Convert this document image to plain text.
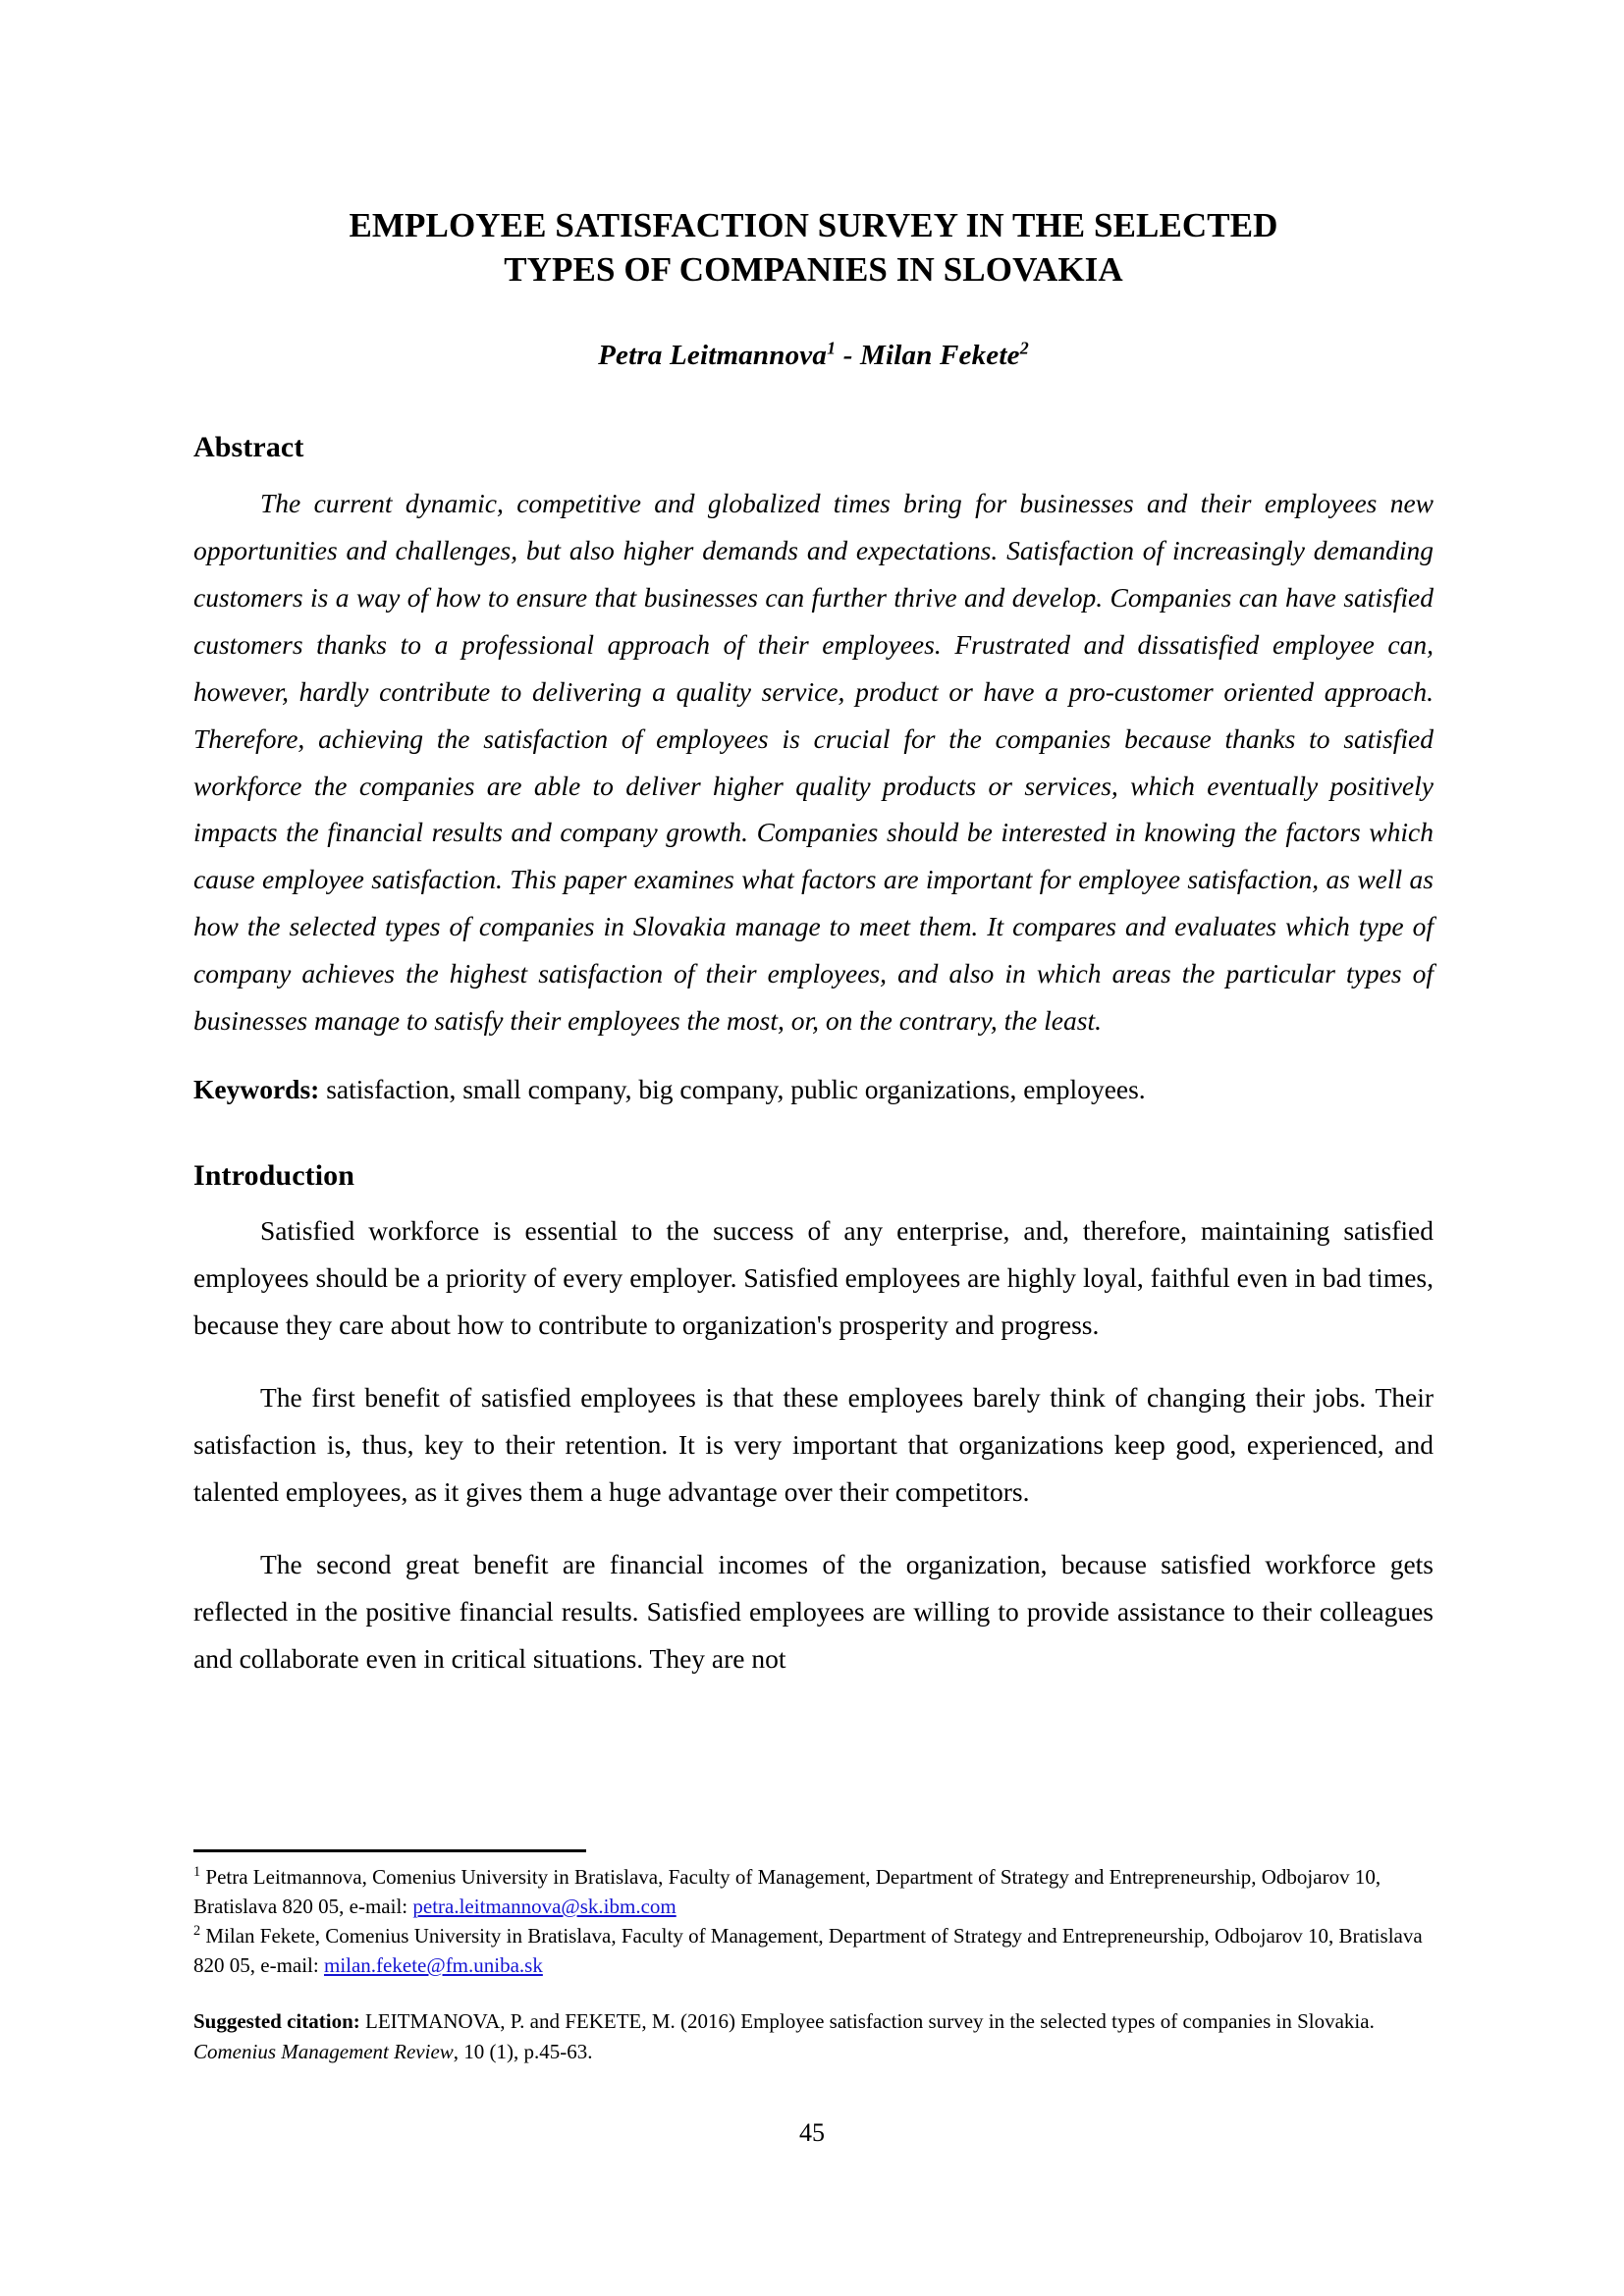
EMPLOYEE SATISFACTION SURVEY IN THE SELECTED
TYPES OF COMPANIES IN SLOVAKIA

Petra Leitmannova$^1$ - Milan Fekete$^2$

Abstract

The current dynamic, competitive and globalized times bring for businesses and their employees new opportunities and challenges, but also higher demands and expectations. Satisfaction of increasingly demanding customers is a way of how to ensure that businesses can further thrive and develop. Companies can have satisfied customers thanks to a professional approach of their employees. Frustrated and dissatisfied employee can, however, hardly contribute to delivering a quality service, product or have a pro-customer oriented approach. Therefore, achieving the satisfaction of employees is crucial for the companies because thanks to satisfied workforce the companies are able to deliver higher quality products or services, which eventually positively impacts the financial results and company growth. Companies should be interested in knowing the factors which cause employee satisfaction. This paper examines what factors are important for employee satisfaction, as well as how the selected types of companies in Slovakia manage to meet them. It compares and evaluates which type of company achieves the highest satisfaction of their employees, and also in which areas the particular types of businesses manage to satisfy their employees the most, or, on the contrary, the least.

Keywords: satisfaction, small company, big company, public organizations, employees.

Introduction

Satisfied workforce is essential to the success of any enterprise, and, therefore, maintaining satisfied employees should be a priority of every employer. Satisfied employees are highly loyal, faithful even in bad times, because they care about how to contribute to organization's prosperity and progress.

The first benefit of satisfied employees is that these employees barely think of changing their jobs. Their satisfaction is, thus, key to their retention. It is very important that organizations keep good, experienced, and talented employees, as it gives them a huge advantage over their competitors.

The second great benefit are financial incomes of the organization, because satisfied workforce gets reflected in the positive financial results. Satisfied employees are willing to provide assistance to their colleagues and collaborate even in critical situations. They are not

$^1$ Petra Leitmannova, Comenius University in Bratislava, Faculty of Management, Department of Strategy and Entrepreneurship, Odbojarov 10, Bratislava 820 05, e-mail: petra.leitmannova@sk.ibm.com

$^2$ Milan Fekete, Comenius University in Bratislava, Faculty of Management, Department of Strategy and Entrepreneurship, Odbojarov 10, Bratislava 820 05, e-mail: milan.fekete@fm.uniba.sk

Suggested citation: LEITMANOVA, P. and FEKETE, M. (2016) Employee satisfaction survey in the selected types of companies in Slovakia. Comenius Management Review, 10 (1), p.45-63.

45
